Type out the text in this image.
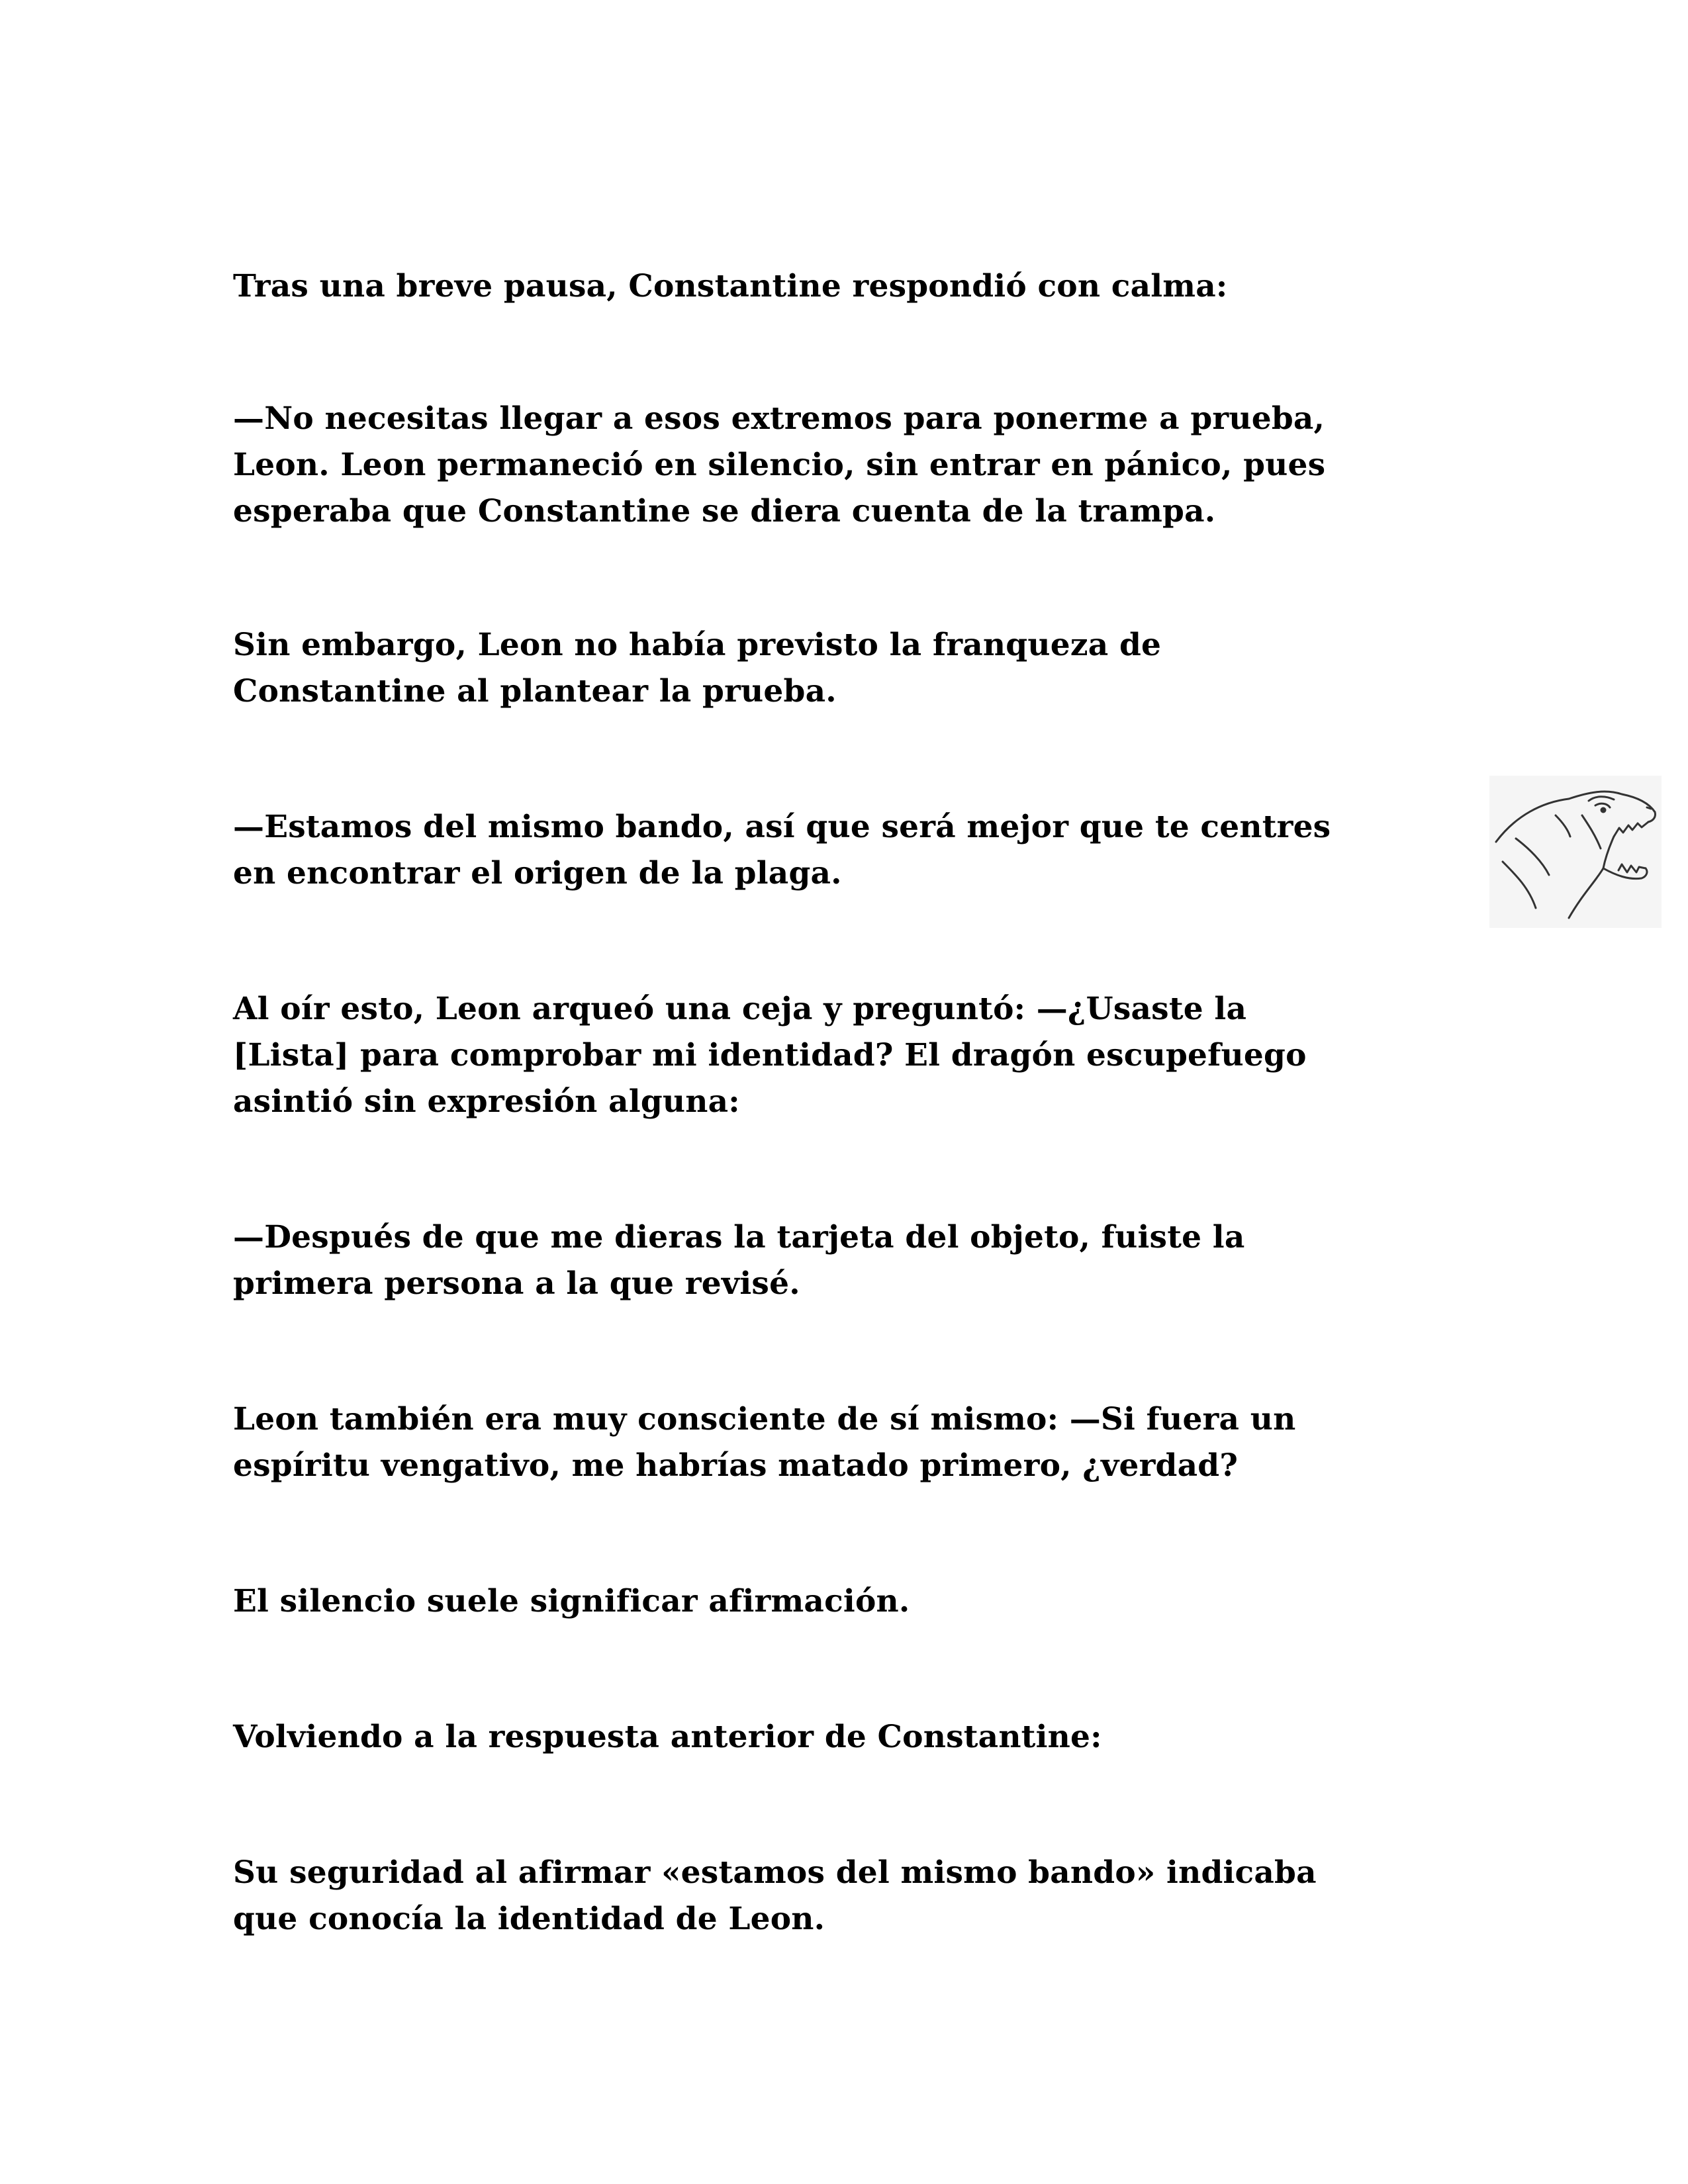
Tras una breve pausa, Constantine respondió con calma:

—No necesitas llegar a esos extremos para ponerme a prueba,
Leon. Leon permaneció en silencio, sin entrar en pánico, pues
esperaba que Constantine se diera cuenta de la trampa.

Sin embargo, Leon no había previsto la franqueza de
Constantine al plantear la prueba.

—Estamos del mismo bando, así que será mejor que te centres
en encontrar el origen de la plaga.

Al oír esto, Leon arqueó una ceja y preguntó: —¿Usaste la
[Lista] para comprobar mi identidad? El dragón escupefuego
asintió sin expresión alguna:

—Después de que me dieras la tarjeta del objeto, fuiste la
primera persona a la que revisé.

Leon también era muy consciente de sí mismo: —Si fuera un
espíritu vengativo, me habrías matado primero, ¿verdad?

El silencio suele significar afirmación.

Volviendo a la respuesta anterior de Constantine:

Su seguridad al afirmar «estamos del mismo bando» indicaba
que conocía la identidad de Leon.
